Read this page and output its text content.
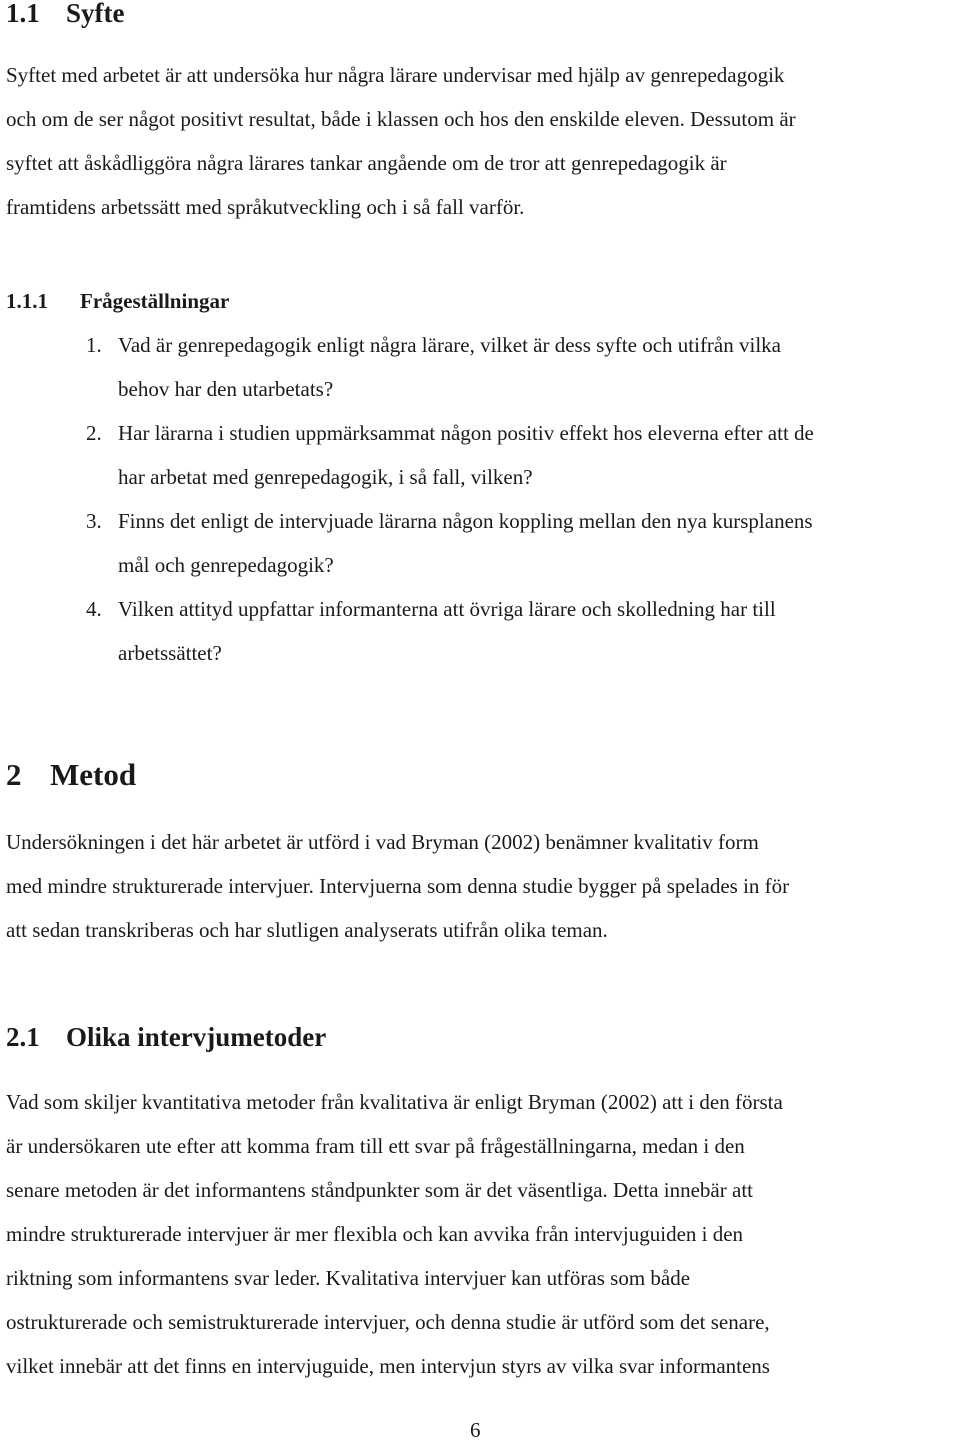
1.1 Syfte
Syftet med arbetet är att undersöka hur några lärare undervisar med hjälp av genrepedagogik
och om de ser något positivt resultat, både i klassen och hos den enskilde eleven. Dessutom är
syftet att åskådliggöra några lärares tankar angående om de tror att genrepedagogik är
framtidens arbetssätt med språkutveckling och i så fall varför.
1.1.1 Frågeställningar
1. Vad är genrepedagogik enligt några lärare, vilket är dess syfte och utifrån vilka
behov har den utarbetats?
2. Har lärarna i studien uppmärksammat någon positiv effekt hos eleverna efter att de
har arbetat med genrepedagogik, i så fall, vilken?
3. Finns det enligt de intervjuade lärarna någon koppling mellan den nya kursplanens
mål och genrepedagogik?
4. Vilken attityd uppfattar informanterna att övriga lärare och skolledning har till
arbetssättet?
2 Metod
Undersökningen i det här arbetet är utförd i vad Bryman (2002) benämner kvalitativ form
med mindre strukturerade intervjuer. Intervjuerna som denna studie bygger på spelades in för
att sedan transkriberas och har slutligen analyserats utifrån olika teman.
2.1 Olika intervjumetoder
Vad som skiljer kvantitativa metoder från kvalitativa är enligt Bryman (2002) att i den första
är undersökaren ute efter att komma fram till ett svar på frågeställningarna, medan i den
senare metoden är det informantens ståndpunkter som är det väsentliga. Detta innebär att
mindre strukturerade intervjuer är mer flexibla och kan avvika från intervjuguiden i den
riktning som informantens svar leder. Kvalitativa intervjuer kan utföras som både
ostrukturerade och semistrukturerade intervjuer, och denna studie är utförd som det senare,
vilket innebär att det finns en intervjuguide, men intervjun styrs av vilka svar informantens
6
